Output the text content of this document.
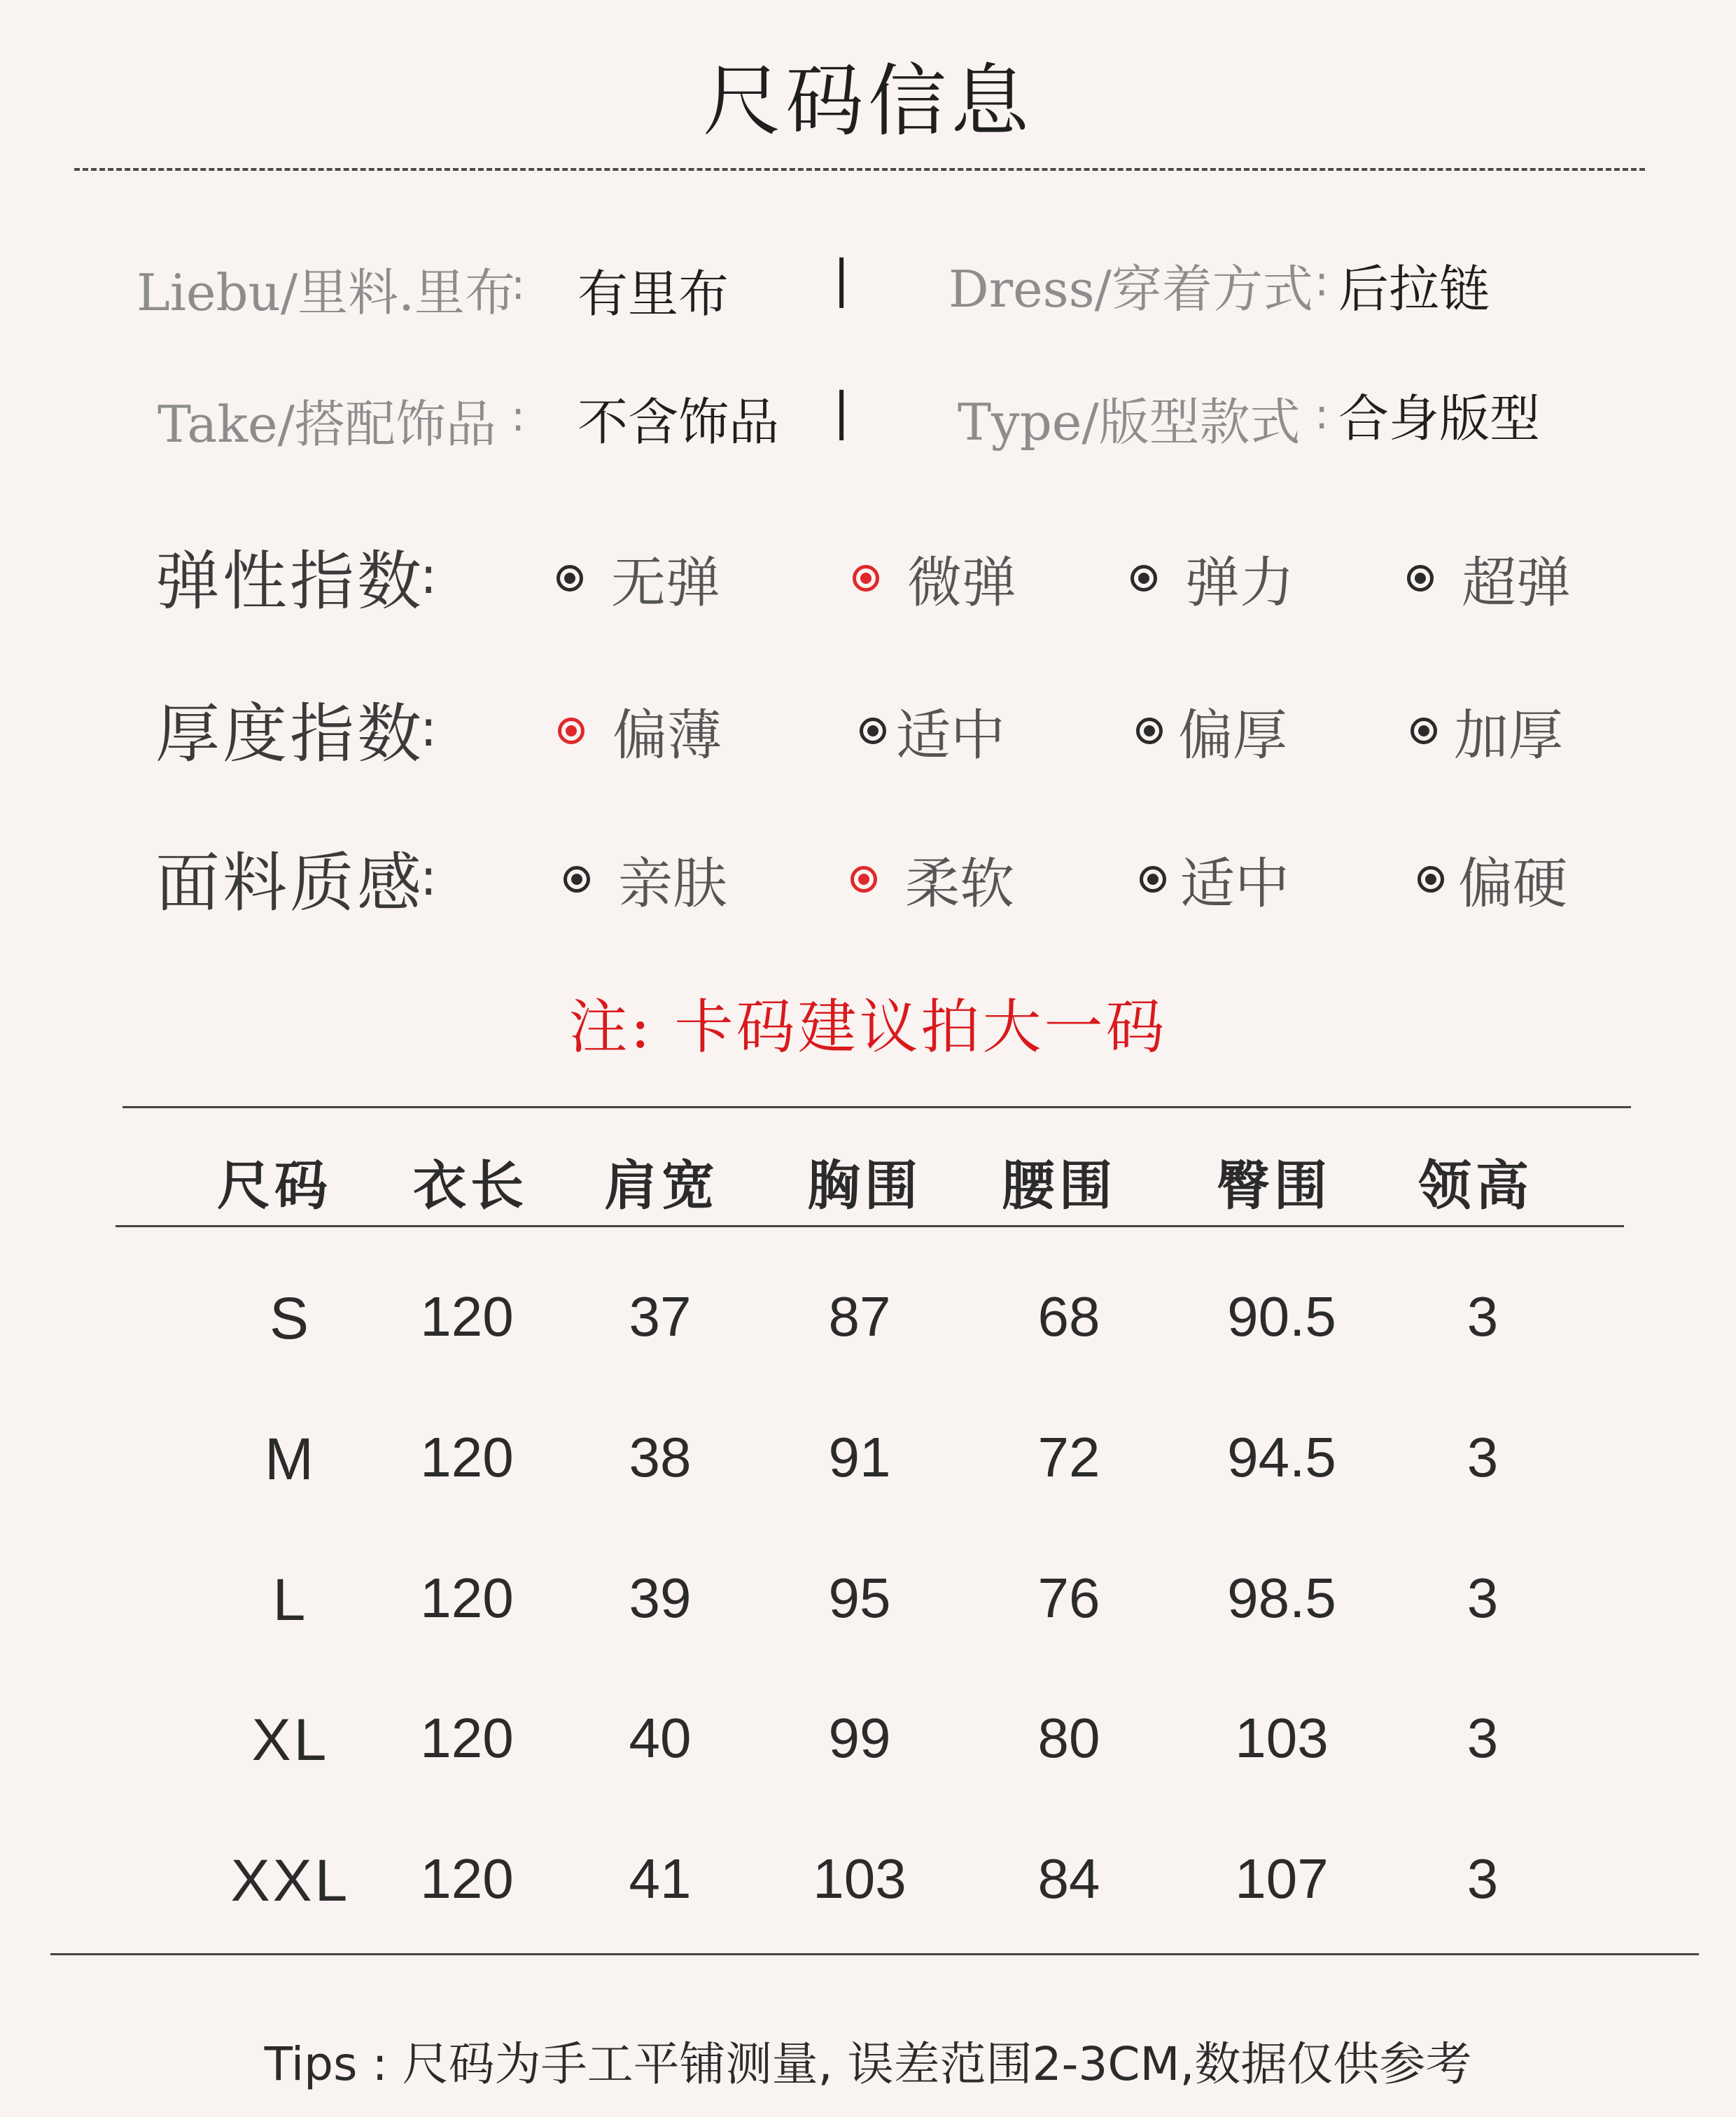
尺码信息
Liebu/里料.里布
: 有里布 | Dress/穿着方式 : 后拉链
Take/搭配饰品 : 不含饰品 | Type/版型款式 : 合身版型
弹性指数
:	无弹	微弹	弹力	超弹
厚度指数
:	偏薄	适中	偏厚	加厚
面料质感
:	亲肤	柔软	适中	偏硬
注: 卡码建议拍大一码
尺码 衣长 肩宽 胸围 腰围 臀围 领高
S 120 37 87	68 90.5 3
M 120 38 91	72 94.5 3
L 120 39 95	76 98.5 3
XL 120 40 99	80 103 3
XXL 120 41 103 84 107 3
Tips : 尺码为手工平铺测量, 误差范围2-3CM,数据仅供参考
